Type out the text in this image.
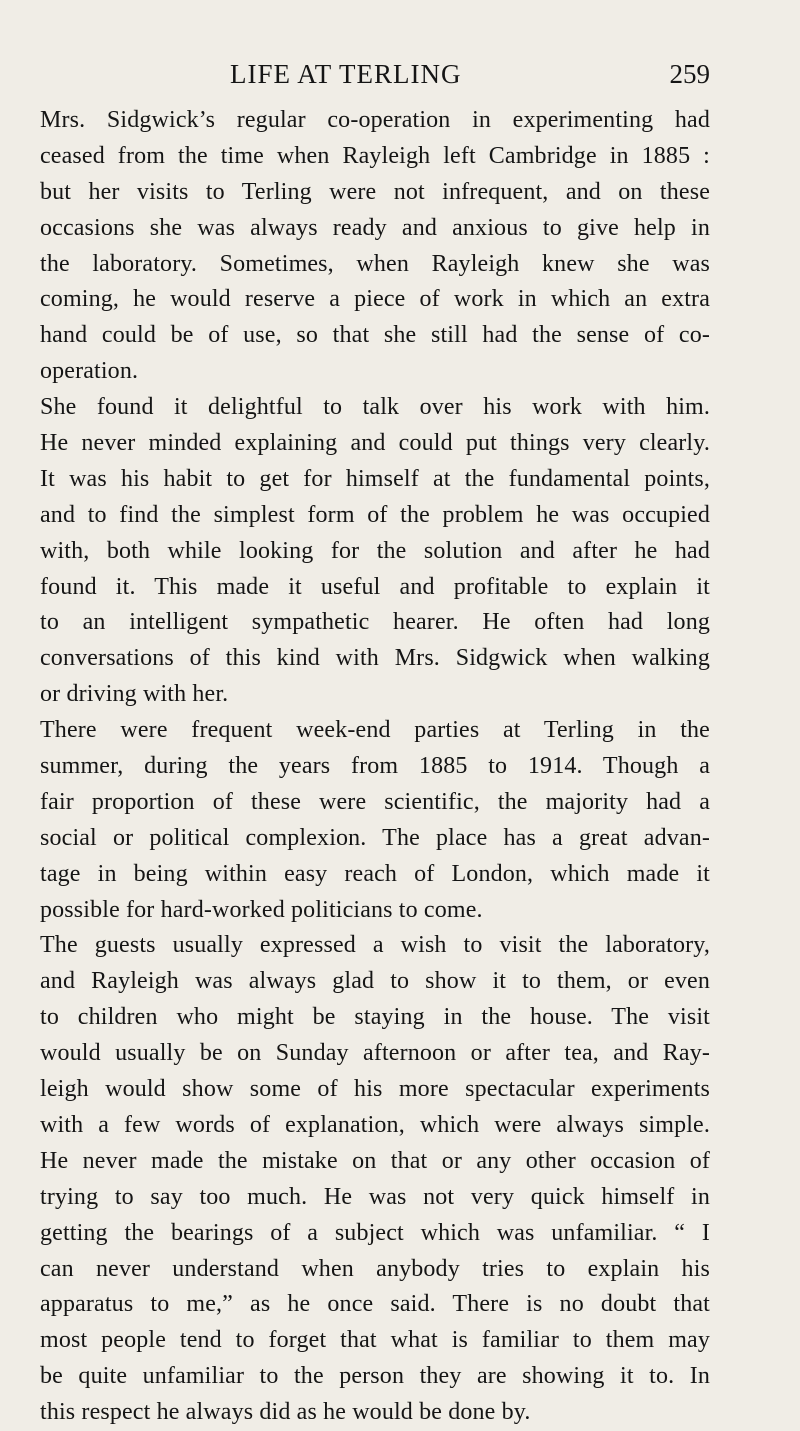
LIFE AT TERLING	259
Mrs. Sidgwick’s regular co-operation in experimenting had
ceased from the time when Rayleigh left Cambridge in 1885 :
but her visits to Terling were not infrequent, and on these
occasions she was always ready and anxious to give help in
the laboratory. Sometimes, when Rayleigh knew she was
coming, he would reserve a piece of work in which an extra
hand could be of use, so that she still had the sense of co-
operation.
She found it delightful to talk over his work with him.
He never minded explaining and could put things very clearly.
It was his habit to get for himself at the fundamental points,
and to find the simplest form of the problem he was occupied
with, both while looking for the solution and after he had
found it. This made it useful and profitable to explain it
to an intelligent sympathetic hearer. He often had long
conversations of this kind with Mrs. Sidgwick when walking
or driving with her.
There were frequent week-end parties at Terling in the
summer, during the years from 1885 to 1914. Though a
fair proportion of these were scientific, the majority had a
social or political complexion. The place has a great advan-
tage in being within easy reach of London, which made it
possible for hard-worked politicians to come.
The guests usually expressed a wish to visit the laboratory,
and Rayleigh was always glad to show it to them, or even
to children who might be staying in the house. The visit
would usually be on Sunday afternoon or after tea, and Ray-
leigh would show some of his more spectacular experiments
with a few words of explanation, which were always simple.
He never made the mistake on that or any other occasion of
trying to say too much. He was not very quick himself in
getting the bearings of a subject which was unfamiliar. “ I
can never understand when anybody tries to explain his
apparatus to me,” as he once said. There is no doubt that
most people tend to forget that what is familiar to them may
be quite unfamiliar to the person they are showing it to. In
this respect he always did as he would be done by.
